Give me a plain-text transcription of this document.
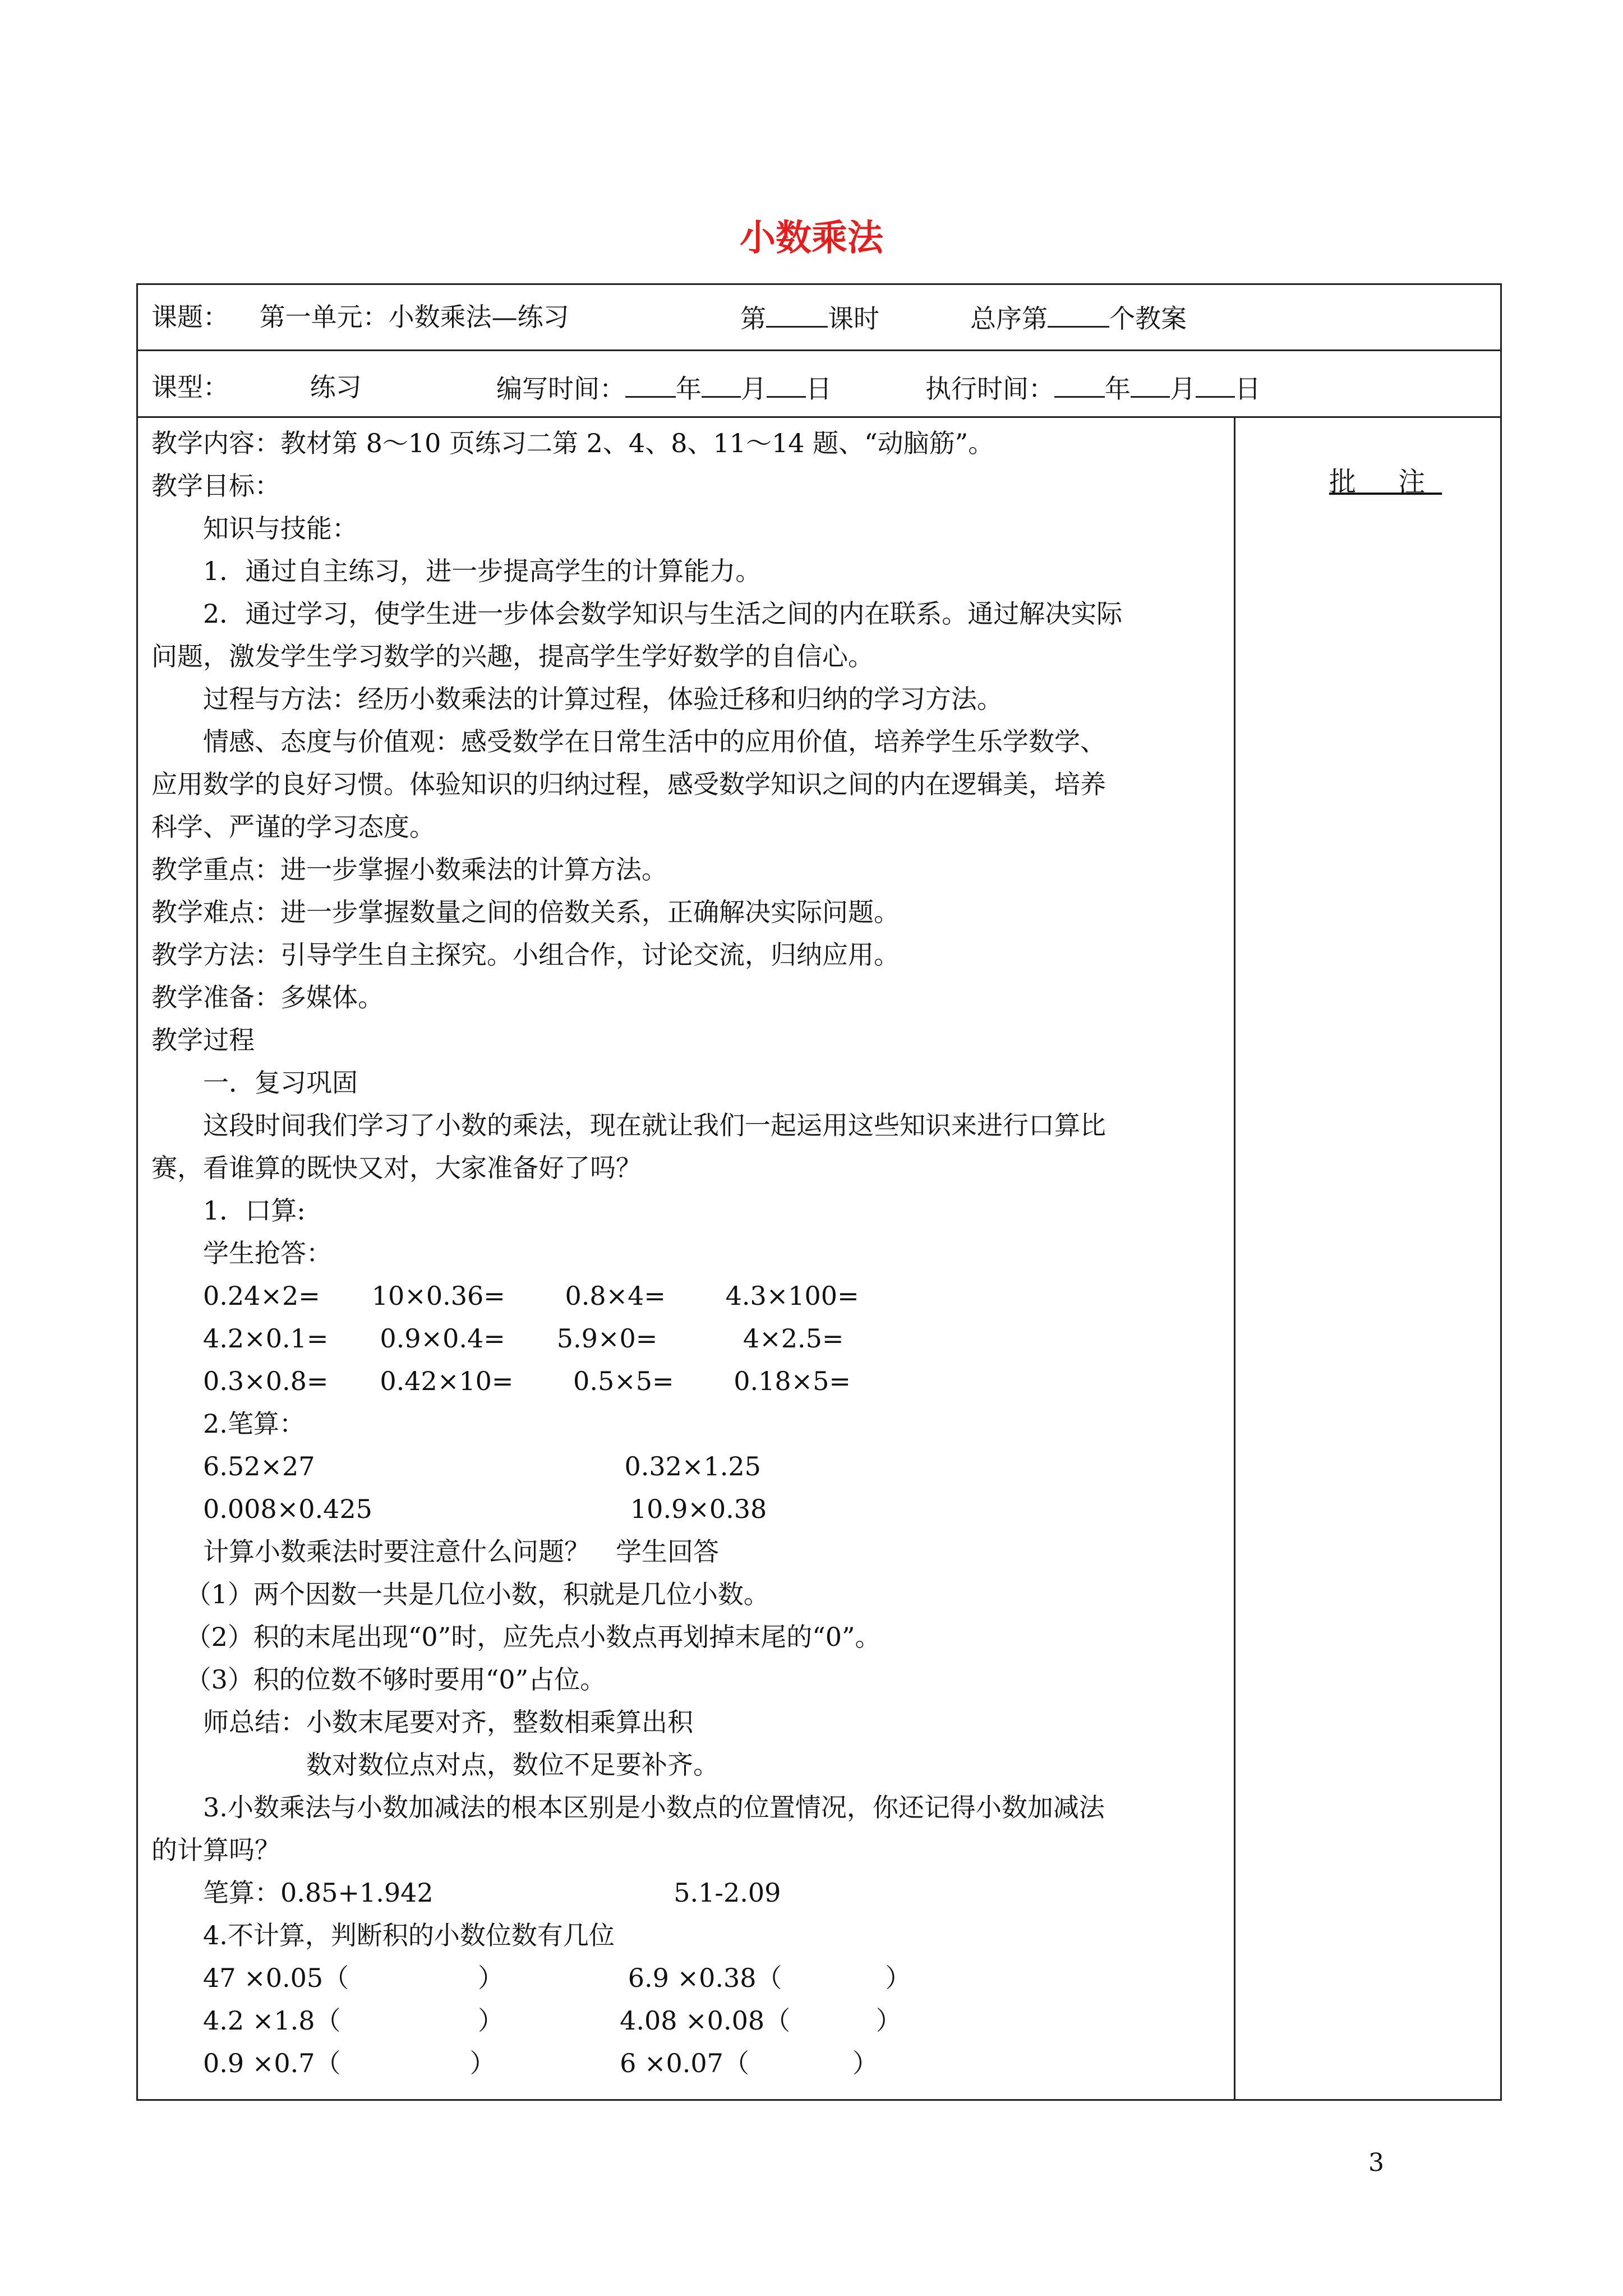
小数乘法
课题： 第一单元：小数乘法—练习	第 课时	总序第 个教案
课型：	练习	编写时间： 年 月 日	执行时间： 年 月 日
批 注
教学内容：教材第 8～10 页练习二第 2、4、8、11～14 题、“动脑筋”。
教学目标：
　　知识与技能：
　　1．通过自主练习，进一步提高学生的计算能力。
　　2．通过学习，使学生进一步体会数学知识与生活之间的内在联系。通过解决实际
问题，激发学生学习数学的兴趣，提高学生学好数学的自信心。
　　过程与方法：经历小数乘法的计算过程，体验迁移和归纳的学习方法。
　　情感、态度与价值观：感受数学在日常生活中的应用价值，培养学生乐学数学、
应用数学的良好习惯。体验知识的归纳过程，感受数学知识之间的内在逻辑美，培养
科学、严谨的学习态度。
教学重点：进一步掌握小数乘法的计算方法。
教学难点：进一步掌握数量之间的倍数关系，正确解决实际问题。
教学方法：引导学生自主探究。小组合作，讨论交流，归纳应用。
教学准备：多媒体。
教学过程
　　一．复习巩固
　　这段时间我们学习了小数的乘法，现在就让我们一起运用这些知识来进行口算比
赛，看谁算的既快又对，大家准备好了吗？
　　1．口算:
　　学生抢答：
　　0.24×2=　　10×0.36=　　 0.8×4=　　 4.3×100=
　　4.2×0.1=　　0.9×0.4=　　5.9×0=　　　 4×2.5=
　　0.3×0.8=　　0.42×10=　　 0.5×5=　　 0.18×5=
　　2.笔算：
　　6.52×27　　　　　　　　　　　　0.32×1.25
　　0.008×0.425　　　　　　　　　　10.9×0.38
　　计算小数乘法时要注意什么问题？　学生回答
　 （1）两个因数一共是几位小数，积就是几位小数。
　 （2）积的末尾出现“0”时，应先点小数点再划掉末尾的“0”。
　 （3）积的位数不够时要用“0”占位。
　　师总结：小数末尾要对齐，整数相乘算出积
　　　　　　数对数位点对点，数位不足要补齐。
　　3.小数乘法与小数加减法的根本区别是小数点的位置情况，你还记得小数加减法
的计算吗？
　　笔算：0.85+1.942　　　　　　　　　 5.1-2.09
　　4.不计算，判断积的小数位数有几位
　　47 ×0.05（　　　　　）　　　　　 6.9 ×0.38（　　　　）
　　4.2 ×1.8（　　　　　 ）　　　　　4.08 ×0.08（　　　 ）
　　0.9 ×0.7（　　　　　）　　　　　 6 ×0.07（　　　　）
3
